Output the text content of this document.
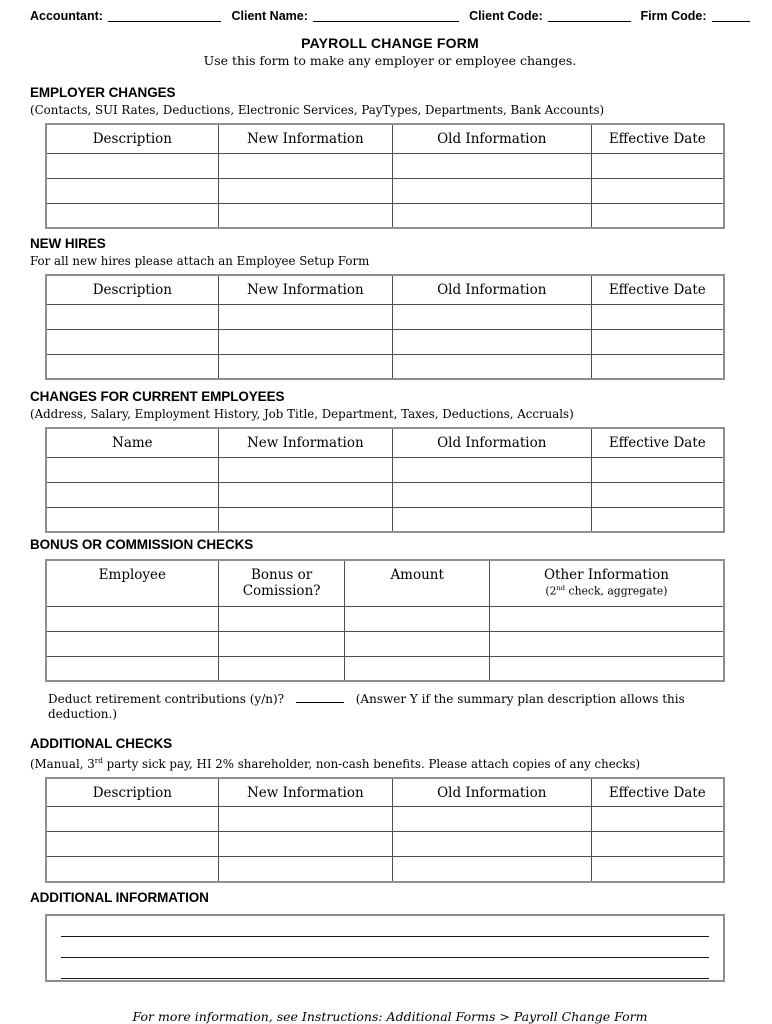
Accountant:	Client Name:	Client Code:	Firm Code:
PAYROLL CHANGE FORM
Use this form to make any employer or employee changes.
EMPLOYER CHANGES
(Contacts, SUI Rates, Deductions, Electronic Services, PayTypes, Departments, Bank Accounts)
Description	New Information	Old Information	Effective Date

NEW HIRES
For all new hires please attach an Employee Setup Form
Description	New Information	Old Information	Effective Date

CHANGES FOR CURRENT EMPLOYEES
(Address, Salary, Employment History, Job Title, Department, Taxes, Deductions, Accruals)
Name	New Information	Old Information	Effective Date

BONUS OR COMMISSION CHECKS
Employee	Bonus or Comission?	Amount	Other Information
(2nd check, aggregate)

Deduct retirement contributions (y/n)?	(Answer Y if the summary plan description allows this deduction.)
ADDITIONAL CHECKS
(Manual, 3rd party sick pay, HI 2% shareholder, non-cash benefits. Please attach copies of any checks)
Description	New Information	Old Information	Effective Date

ADDITIONAL INFORMATION
For more information, see Instructions: Additional Forms > Payroll Change Form
